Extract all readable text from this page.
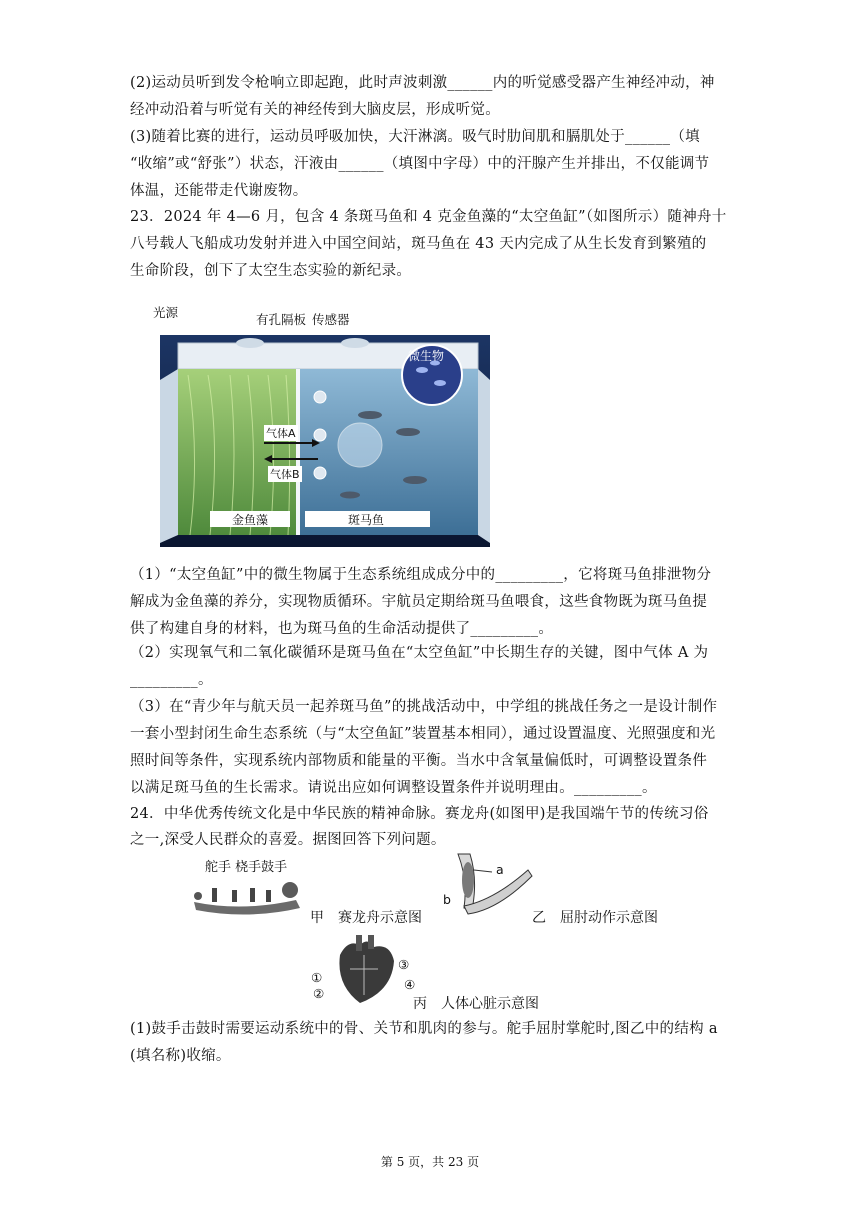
(2)运动员听到发令枪响立即起跑，此时声波刺激______内的听觉感受器产生神经冲动，神

经冲动沿着与听觉有关的神经传到大脑皮层，形成听觉。

(3)随着比赛的进行，运动员呼吸加快，大汗淋漓。吸气时肋间肌和膈肌处于______（填

“收缩”或“舒张”）状态，汗液由______（填图中字母）中的汗腺产生并排出，不仅能调节

体温，还能带走代谢废物。

23．2024 年 4—6 月，包含 4 条斑马鱼和 4 克金鱼藻的“太空鱼缸”（如图所示）随神舟十

八号载人飞船成功发射并进入中国空间站，斑马鱼在 43 天内完成了从生长发育到繁殖的

生命阶段，创下了太空生态实验的新纪录。

光源	有孔隔板 传感器
微生物
气体A
气体B
金鱼藻	斑马鱼

（1）“太空鱼缸”中的微生物属于生态系统组成成分中的_________，它将斑马鱼排泄物分

解成为金鱼藻的养分，实现物质循环。宇航员定期给斑马鱼喂食，这些食物既为斑马鱼提

供了构建自身的材料，也为斑马鱼的生命活动提供了_________。

（2）实现氧气和二氧化碳循环是斑马鱼在“太空鱼缸”中长期生存的关键，图中气体 A 为

_________。

（3）在“青少年与航天员一起养斑马鱼”的挑战活动中，中学组的挑战任务之一是设计制作

一套小型封闭生命生态系统（与“太空鱼缸”装置基本相同），通过设置温度、光照强度和光

照时间等条件，实现系统内部物质和能量的平衡。当水中含氧量偏低时，可调整设置条件

以满足斑马鱼的生长需求。请说出应如何调整设置条件并说明理由。_________。

24．中华优秀传统文化是中华民族的精神命脉。赛龙舟(如图甲)是我国端午节的传统习俗

之一,深受人民群众的喜爱。据图回答下列问题。

舵手 桡手鼓手
甲　赛龙舟示意图
a
b
乙　屈肘动作示意图
①
②
③
④
丙　人体心脏示意图

(1)鼓手击鼓时需要运动系统中的骨、关节和肌肉的参与。舵手屈肘掌舵时,图乙中的结构 a

(填名称)收缩。

第 5 页，共 23 页
